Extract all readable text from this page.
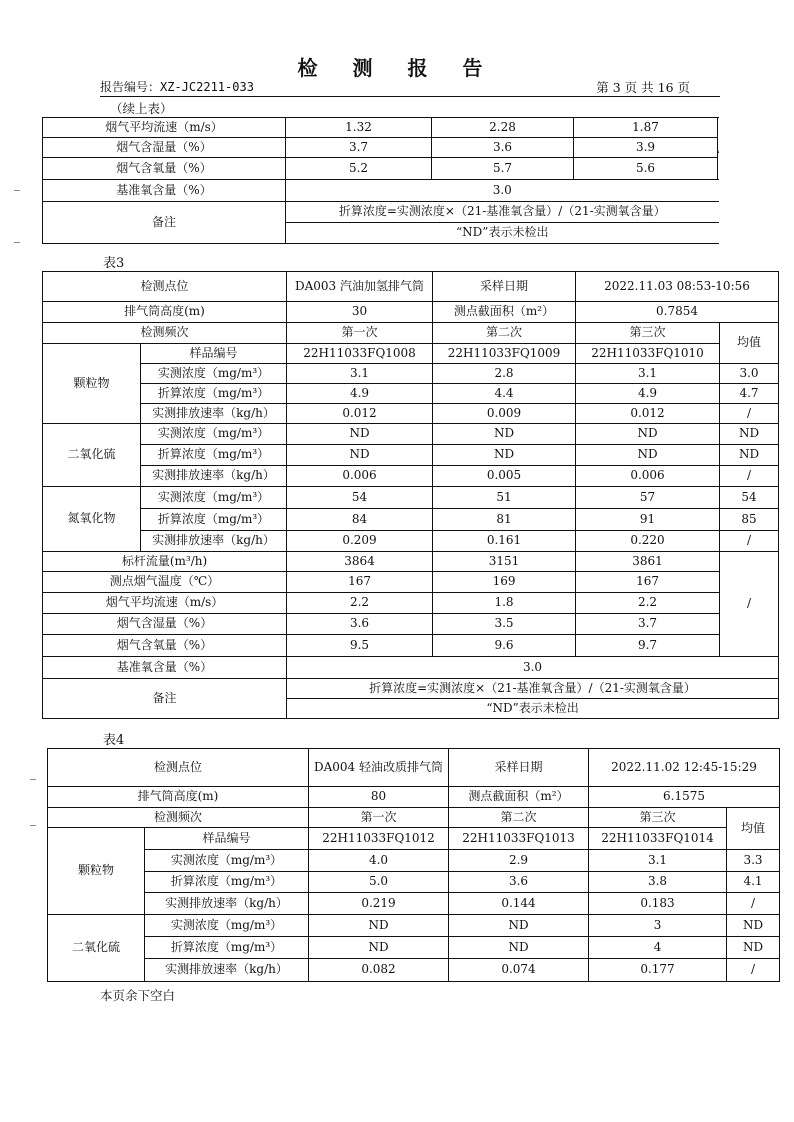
检 测 报 告
报告编号：XZ-JC2211-033	第 3 页 共 16 页
（续上表）
烟气平均流速（m/s）	1.32	2.28	1.87	
烟气含湿量（%）	3.7	3.6	3.9	
烟气含氧量（%）	5.2	5.7	5.6	
基准氧含量（%）	3.0			
备注	折算浓度=实测浓度×（21-基准氧含量）/（21-实测氧含量）			
	“ND”表示未检出			
表3
检测点位		DA003 汽油加氢排气筒	采样日期	2022.11.03 08:53-10:56	
排气筒高度(m)		30	测点截面积（m²）	0.7854	
检测频次		第一次	第二次	第三次	均值
颗粒物	样品编号	22H11033FQ1008	22H11033FQ1009	22H11033FQ1010	
	实测浓度（mg/m³）	3.1	2.8	3.1	3.0
	折算浓度（mg/m³）	4.9	4.4	4.9	4.7
	实测排放速率（kg/h）	0.012	0.009	0.012	/
二氧化硫	实测浓度（mg/m³）	ND	ND	ND	ND
	折算浓度（mg/m³）	ND	ND	ND	ND
	实测排放速率（kg/h）	0.006	0.005	0.006	/
氮氧化物	实测浓度（mg/m³）	54	51	57	54
	折算浓度（mg/m³）	84	81	91	85
	实测排放速率（kg/h）	0.209	0.161	0.220	/
标杆流量(m³/h)		3864	3151	3861	/
测点烟气温度（℃）		167	169	167	
烟气平均流速（m/s）		2.2	1.8	2.2	
烟气含湿量（%）		3.6	3.5	3.7	
烟气含氧量（%）		9.5	9.6	9.7	
基准氧含量（%）		3.0			
备注		折算浓度=实测浓度×（21-基准氧含量）/（21-实测氧含量）			
		“ND”表示未检出			
表4
检测点位		DA004 轻油改质排气筒	采样日期	2022.11.02 12:45-15:29	
排气筒高度(m)		80	测点截面积（m²）	6.1575	
检测频次		第一次	第二次	第三次	均值
颗粒物	样品编号	22H11033FQ1012	22H11033FQ1013	22H11033FQ1014	
	实测浓度（mg/m³）	4.0	2.9	3.1	3.3
	折算浓度（mg/m³）	5.0	3.6	3.8	4.1
	实测排放速率（kg/h）	0.219	0.144	0.183	/
二氧化硫	实测浓度（mg/m³）	ND	ND	3	ND
	折算浓度（mg/m³）	ND	ND	4	ND
	实测排放速率（kg/h）	0.082	0.074	0.177	/
本页余下空白
